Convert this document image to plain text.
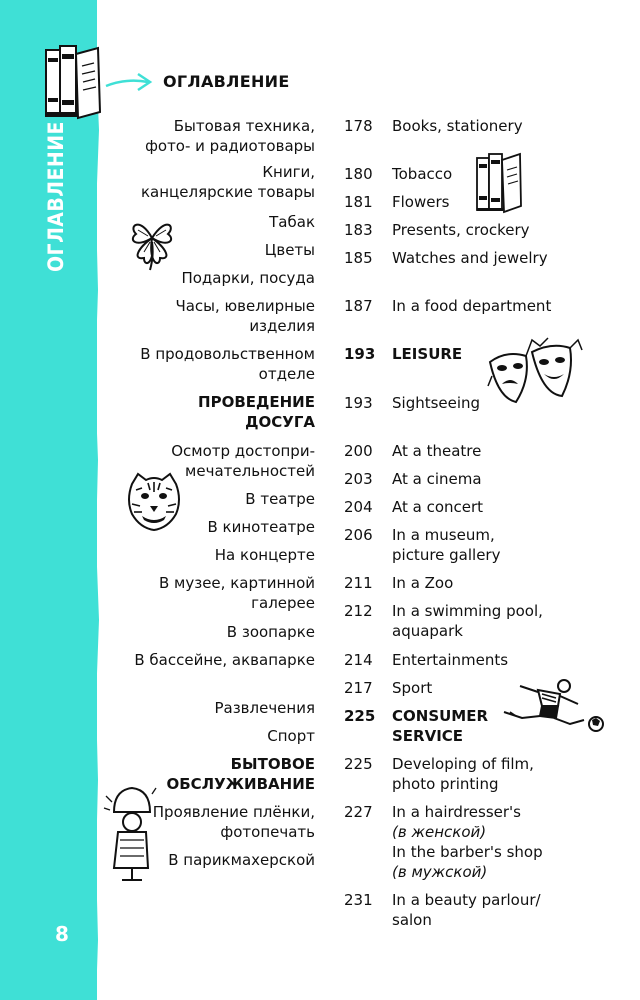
ОГЛАВЛЕНИЕ
8
ОГЛАВЛЕНИЕ
Бытовая техника,
фото- и радиотовары
Книги,
канцелярские товары
Табак
Цветы
Подарки, посуда
Часы, ювелирные
изделия
В продовольственном
отделе
ПРОВЕДЕНИЕ
ДОСУГА
Осмотр достопри-
мечательностей
В театре
В кинотеатре
На концерте
В музее, картинной
галерее
В зоопарке
В бассейне, аквапарке
Развлечения
Спорт
БЫТОВОЕ
ОБСЛУЖИВАНИЕ
Проявление плёнки,
фотопечать
В парикмахерской
178
180
181
183
185
187
193
193
200
203
204
206
211
212
214
217
225
225
227
231
Books, stationery
Tobacco
Flowers
Presents, crockery
Watches and jewelry
In a food department
LEISURE
Sightseeing
At a theatre
At a cinema
At a concert
In a museum,
picture gallery
In a Zoo
In a swimming pool,
aquapark
Entertainments
Sport
CONSUMER
SERVICE
Developing of film,
photo printing
In a hairdresser's
(в женской)
In the barber's shop
(в мужской)
In a beauty parlour/
salon
